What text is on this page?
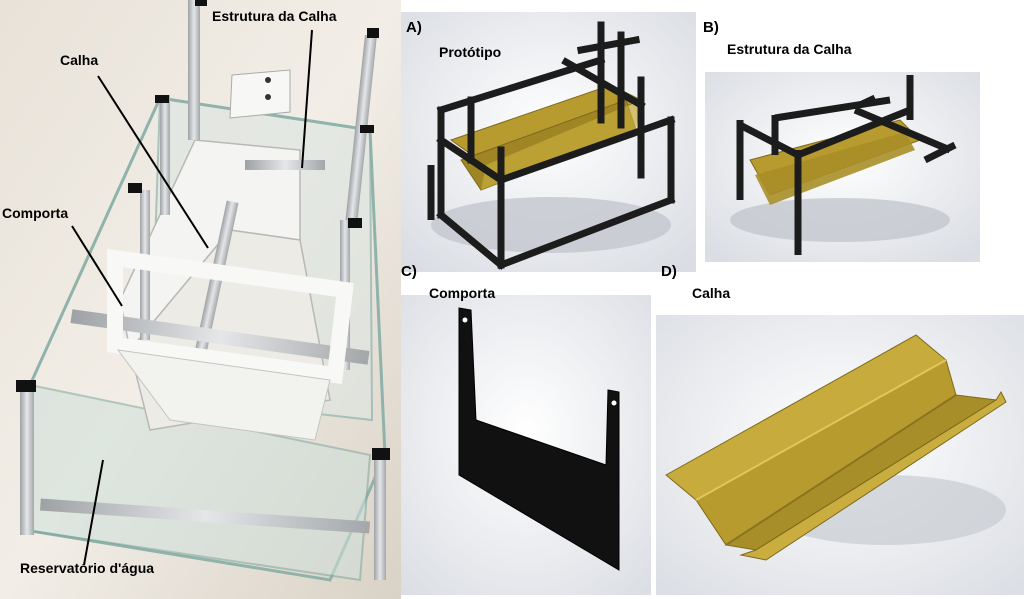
Estrutura da Calha
Calha
Comporta
Reservatório d'água
A)
Protótipo
B)
Estrutura da Calha
C)
Comporta
D)
Calha
